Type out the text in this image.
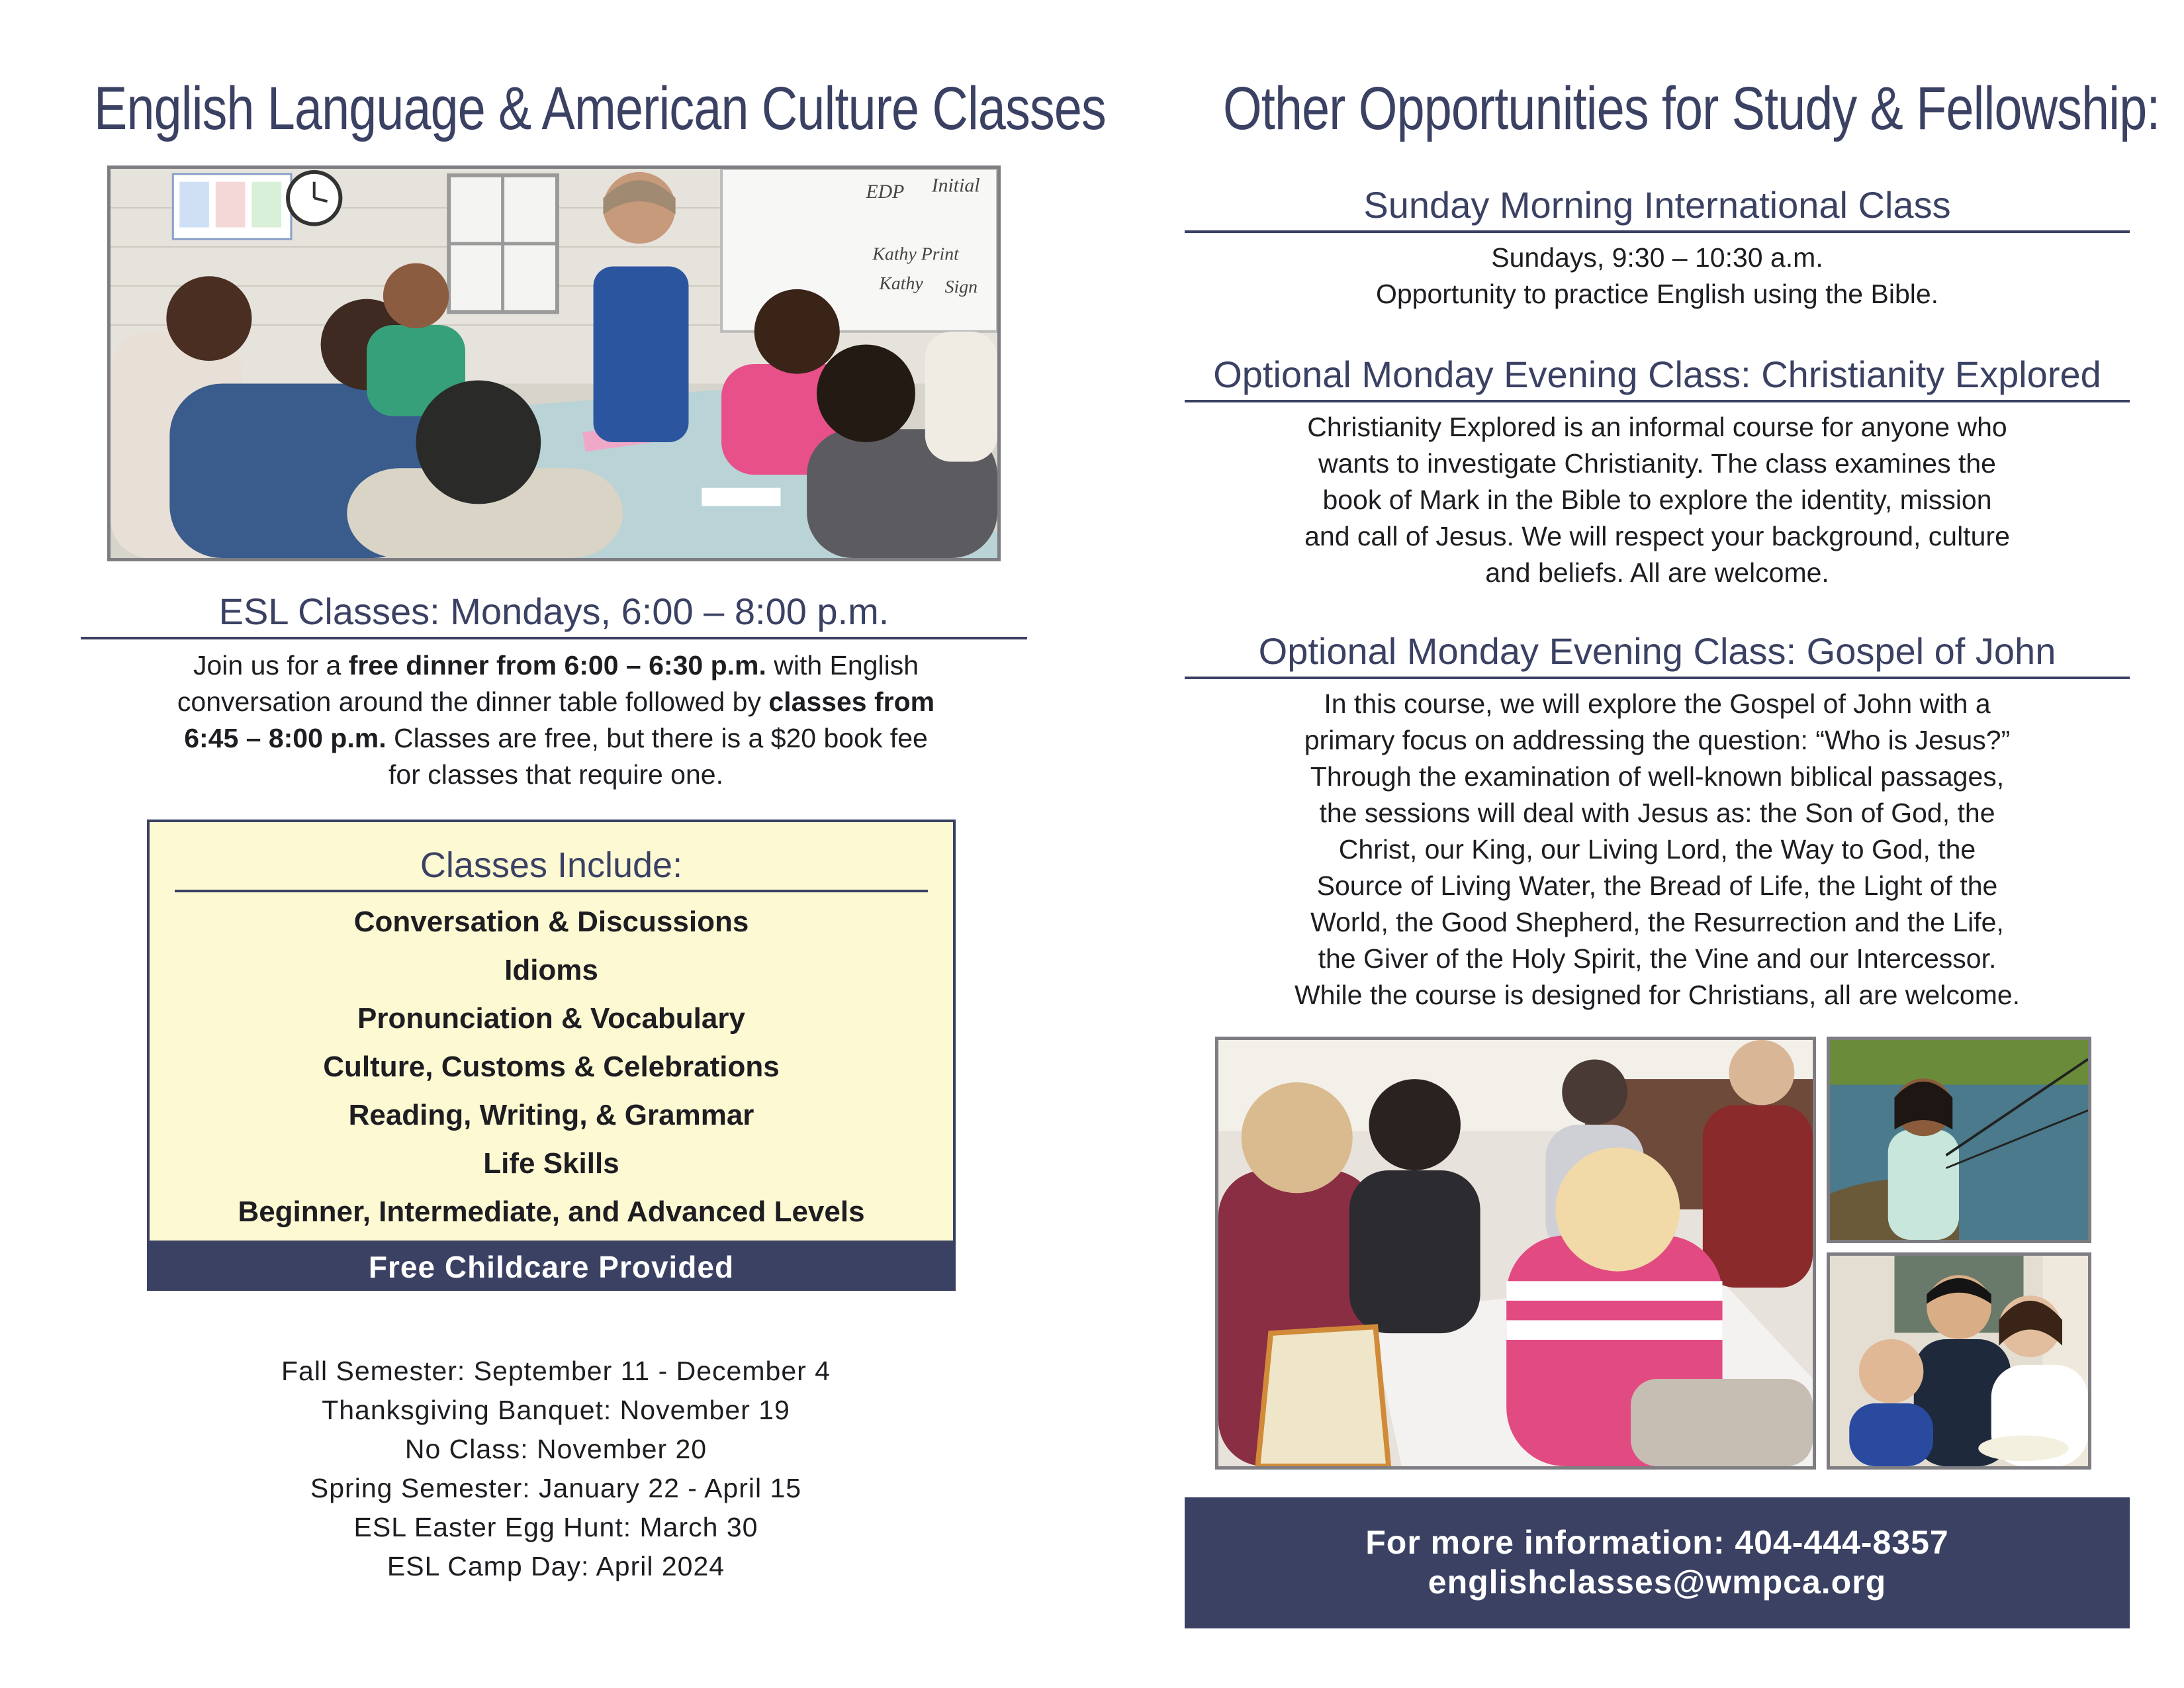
English Language & American Culture Classes
EDP Initial
Kathy Print
Kathy Sign
ESL Classes: Mondays, 6:00 – 8:00 p.m.
Join us for a free dinner from 6:00 – 6:30 p.m. with English conversation around the dinner table followed by classes from 6:45 – 8:00 p.m. Classes are free, but there is a $20 book fee for classes that require one.
Classes Include:
Conversation & Discussions
Idioms
Pronunciation & Vocabulary
Culture, Customs & Celebrations
Reading, Writing, & Grammar
Life Skills
Beginner, Intermediate, and Advanced Levels
Free Childcare Provided
Fall Semester: September 11 - December 4
Thanksgiving Banquet: November 19
No Class: November 20
Spring Semester: January 22 - April 15
ESL Easter Egg Hunt: March 30
ESL Camp Day: April 2024
Other Opportunities for Study & Fellowship:
Sunday Morning International Class
Sundays, 9:30 – 10:30 a.m.
Opportunity to practice English using the Bible.
Optional Monday Evening Class: Christianity Explored
Christianity Explored is an informal course for anyone who
wants to investigate Christianity. The class examines the
book of Mark in the Bible to explore the identity, mission
and call of Jesus. We will respect your background, culture
and beliefs. All are welcome.
Optional Monday Evening Class: Gospel of John
In this course, we will explore the Gospel of John with a
primary focus on addressing the question: “Who is Jesus?”
Through the examination of well-known biblical passages,
the sessions will deal with Jesus as: the Son of God, the
Christ, our King, our Living Lord, the Way to God, the
Source of Living Water, the Bread of Life, the Light of the
World, the Good Shepherd, the Resurrection and the Life,
the Giver of the Holy Spirit, the Vine and our Intercessor.
While the course is designed for Christians, all are welcome.
For more information: 404-444-8357
englishclasses@wmpca.org
